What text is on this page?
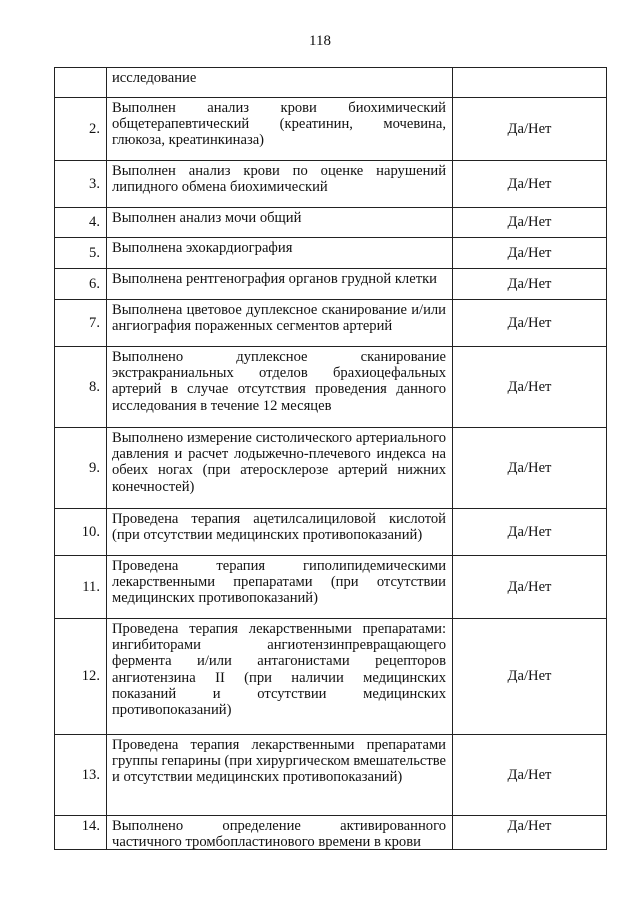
118
	исследование	
2.	Выполнен анализ крови биохимический общетерапевтический (креатинин, мочевина, глюкоза, креатинкиназа)	Да/Нет
3.	Выполнен анализ крови по оценке нарушений липидного обмена биохимический	Да/Нет
4.	Выполнен анализ мочи общий	Да/Нет
5.	Выполнена эхокардиография	Да/Нет
6.	Выполнена рентгенография органов грудной клетки	Да/Нет
7.	Выполнена цветовое дуплексное сканирование и/или ангиография пораженных сегментов артерий	Да/Нет
8.	Выполнено дуплексное сканирование экстракраниальных отделов брахиоцефальных артерий в случае отсутствия проведения данного исследования в течение 12 месяцев	Да/Нет
9.	Выполнено измерение систолического артериального давления и расчет лодыжечно-плечевого индекса на обеих ногах (при атеросклерозе артерий нижних конечностей)	Да/Нет
10.	Проведена терапия ацетилсалициловой кислотой (при отсутствии медицинских противопоказаний)	Да/Нет
11.	Проведена терапия гиполипидемическими лекарственными препаратами (при отсутствии медицинских противопоказаний)	Да/Нет
12.	Проведена терапия лекарственными препаратами: ингибиторами ангиотензинпревращающего фермента и/или антагонистами рецепторов ангиотензина II (при наличии медицинских показаний и отсутствии медицинских противопоказаний)	Да/Нет
13.	Проведена терапия лекарственными препаратами группы гепарины (при хирургическом вмешательстве и отсутствии медицинских противопоказаний)	Да/Нет
14.	Выполнено определение активированного частичного тромбопластинового времени в крови	Да/Нет
